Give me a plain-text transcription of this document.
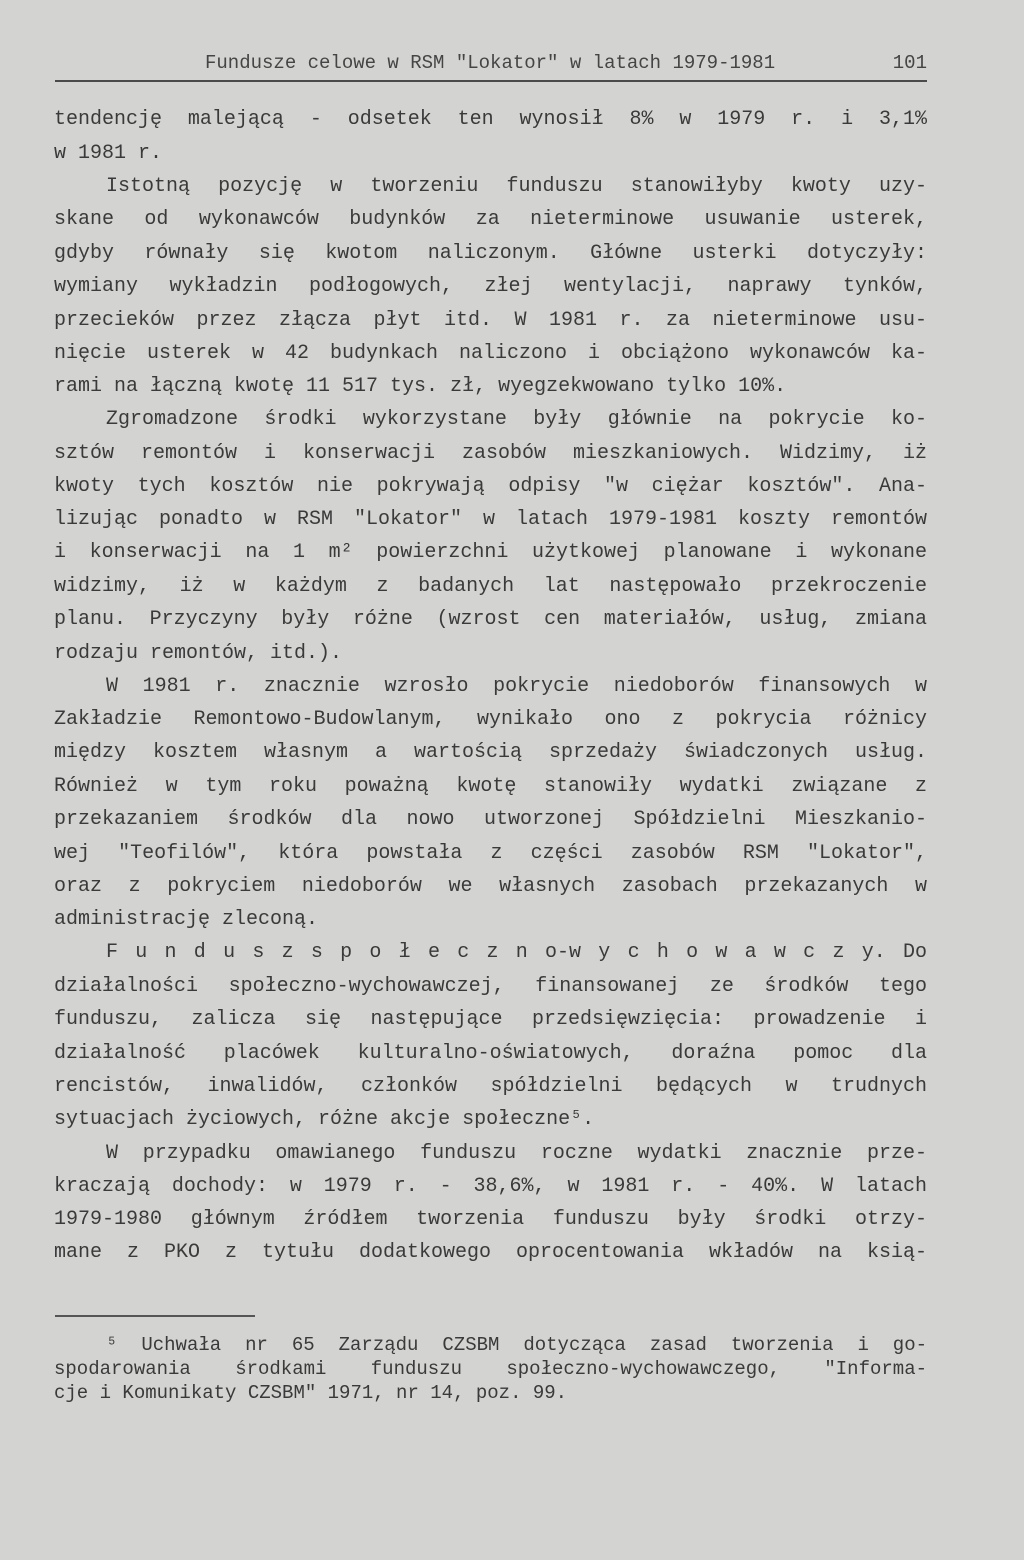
Fundusze celowe w RSM "Lokator" w latach 1979-1981	101
tendencję malejącą - odsetek ten wynosił 8% w 1979 r. i 3,1%
w 1981 r.
Istotną pozycję w tworzeniu funduszu stanowiłyby kwoty uzy-
skane od wykonawców budynków za nieterminowe usuwanie usterek,
gdyby równały się kwotom naliczonym. Główne usterki dotyczyły:
wymiany wykładzin podłogowych, złej wentylacji, naprawy tynków,
przecieków przez złącza płyt itd. W 1981 r. za nieterminowe usu-
nięcie usterek w 42 budynkach naliczono i obciążono wykonawców ka-
rami na łączną kwotę 11 517 tys. zł, wyegzekwowano tylko 10%.
Zgromadzone środki wykorzystane były głównie na pokrycie ko-
sztów remontów i konserwacji zasobów mieszkaniowych. Widzimy, iż
kwoty tych kosztów nie pokrywają odpisy "w ciężar kosztów". Ana-
lizując ponadto w RSM "Lokator" w latach 1979-1981 koszty remontów
i konserwacji na 1 m² powierzchni użytkowej planowane i wykonane
widzimy, iż w każdym z badanych lat następowało przekroczenie
planu. Przyczyny były różne (wzrost cen materiałów, usług, zmiana
rodzaju remontów, itd.).
W 1981 r. znacznie wzrosło pokrycie niedoborów finansowych w
Zakładzie Remontowo-Budowlanym, wynikało ono z pokrycia różnicy
między kosztem własnym a wartością sprzedaży świadczonych usług.
Również w tym roku poważną kwotę stanowiły wydatki związane z
przekazaniem środków dla nowo utworzonej Spółdzielni Mieszkanio-
wej "Teofilów", która powstała z części zasobów RSM "Lokator",
oraz z pokryciem niedoborów we własnych zasobach przekazanych w
administrację zleconą.
F u n d u s z s p o ł e c z n o-w y c h o w a w c z y. Do
działalności społeczno-wychowawczej, finansowanej ze środków tego
funduszu, zalicza się następujące przedsięwzięcia: prowadzenie i
działalność placówek kulturalno-oświatowych, doraźna pomoc dla
rencistów, inwalidów, członków spółdzielni będących w trudnych
sytuacjach życiowych, różne akcje społeczne⁵.
W przypadku omawianego funduszu roczne wydatki znacznie prze-
kraczają dochody: w 1979 r. - 38,6%, w 1981 r. - 40%. W latach
1979-1980 głównym źródłem tworzenia funduszu były środki otrzy-
mane z PKO z tytułu dodatkowego oprocentowania wkładów na ksią-
⁵ Uchwała nr 65 Zarządu CZSBM dotycząca zasad tworzenia i go-
spodarowania środkami funduszu społeczno-wychowawczego, "Informa-
cje i Komunikaty CZSBM" 1971, nr 14, poz. 99.
